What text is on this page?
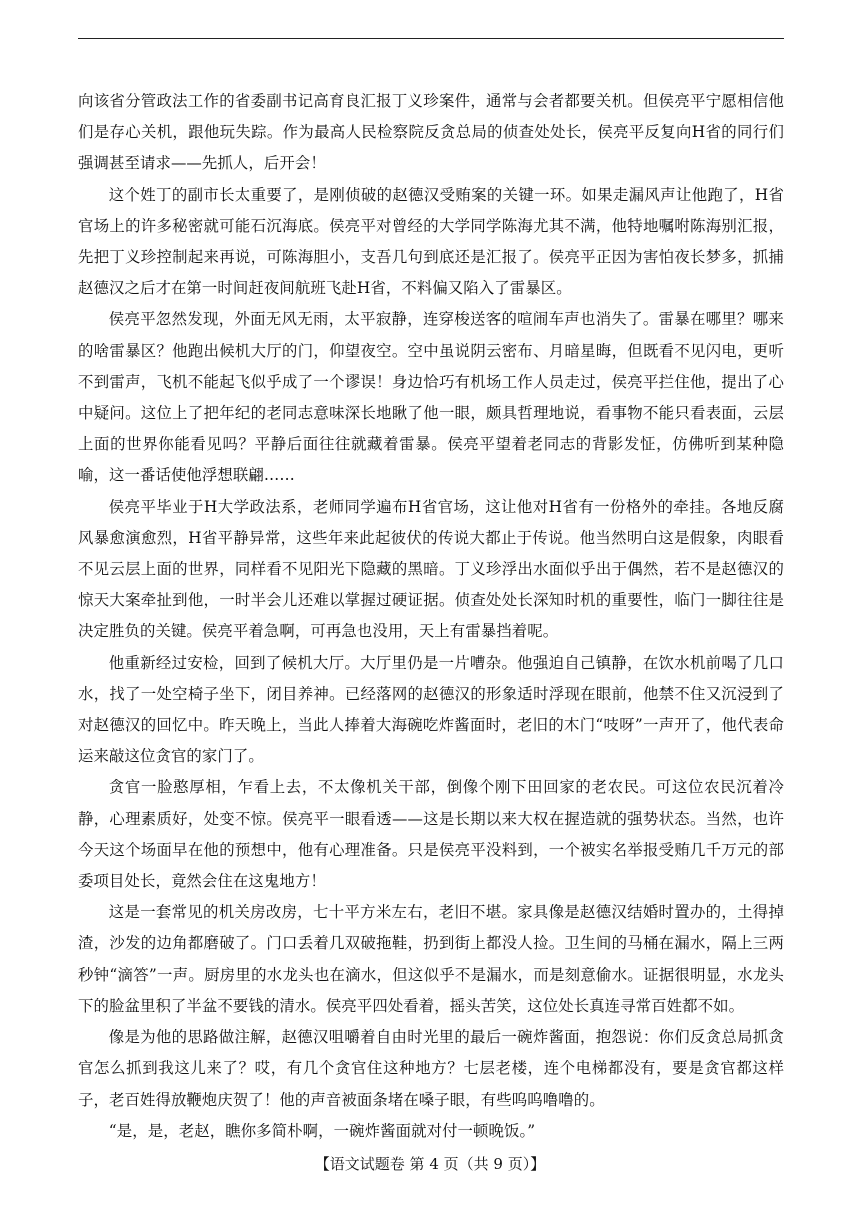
向该省分管政法工作的省委副书记高育良汇报丁义珍案件，通常与会者都要关机。但侯亮平宁愿相信他们是存心关机，跟他玩失踪。作为最高人民检察院反贪总局的侦查处处长，侯亮平反复向H省的同行们强调甚至请求——先抓人，后开会！

这个姓丁的副市长太重要了，是刚侦破的赵德汉受贿案的关键一环。如果走漏风声让他跑了，H省官场上的许多秘密就可能石沉海底。侯亮平对曾经的大学同学陈海尤其不满，他特地嘱咐陈海别汇报，先把丁义珍控制起来再说，可陈海胆小，支吾几句到底还是汇报了。侯亮平正因为害怕夜长梦多，抓捕赵德汉之后才在第一时间赶夜间航班飞赴H省，不料偏又陷入了雷暴区。

侯亮平忽然发现，外面无风无雨，太平寂静，连穿梭送客的喧闹车声也消失了。雷暴在哪里？哪来的啥雷暴区？他跑出候机大厅的门，仰望夜空。空中虽说阴云密布、月暗星晦，但既看不见闪电，更听不到雷声，飞机不能起飞似乎成了一个谬误！身边恰巧有机场工作人员走过，侯亮平拦住他，提出了心中疑问。这位上了把年纪的老同志意味深长地瞅了他一眼，颇具哲理地说，看事物不能只看表面，云层上面的世界你能看见吗？平静后面往往就藏着雷暴。侯亮平望着老同志的背影发怔，仿佛听到某种隐喻，这一番话使他浮想联翩……

侯亮平毕业于H大学政法系，老师同学遍布H省官场，这让他对H省有一份格外的牵挂。各地反腐风暴愈演愈烈，H省平静异常，这些年来此起彼伏的传说大都止于传说。他当然明白这是假象，肉眼看不见云层上面的世界，同样看不见阳光下隐藏的黑暗。丁义珍浮出水面似乎出于偶然，若不是赵德汉的惊天大案牵扯到他，一时半会儿还难以掌握过硬证据。侦查处处长深知时机的重要性，临门一脚往往是决定胜负的关键。侯亮平着急啊，可再急也没用，天上有雷暴挡着呢。

他重新经过安检，回到了候机大厅。大厅里仍是一片嘈杂。他强迫自己镇静，在饮水机前喝了几口水，找了一处空椅子坐下，闭目养神。已经落网的赵德汉的形象适时浮现在眼前，他禁不住又沉浸到了对赵德汉的回忆中。昨天晚上，当此人捧着大海碗吃炸酱面时，老旧的木门“吱呀”一声开了，他代表命运来敲这位贪官的家门了。

贪官一脸憨厚相，乍看上去，不太像机关干部，倒像个刚下田回家的老农民。可这位农民沉着冷静，心理素质好，处变不惊。侯亮平一眼看透——这是长期以来大权在握造就的强势状态。当然，也许今天这个场面早在他的预想中，他有心理准备。只是侯亮平没料到，一个被实名举报受贿几千万元的部委项目处长，竟然会住在这鬼地方！

这是一套常见的机关房改房，七十平方米左右，老旧不堪。家具像是赵德汉结婚时置办的，土得掉渣，沙发的边角都磨破了。门口丢着几双破拖鞋，扔到街上都没人捡。卫生间的马桶在漏水，隔上三两秒钟“滴答”一声。厨房里的水龙头也在滴水，但这似乎不是漏水，而是刻意偷水。证据很明显，水龙头下的脸盆里积了半盆不要钱的清水。侯亮平四处看着，摇头苦笑，这位处长真连寻常百姓都不如。

像是为他的思路做注解，赵德汉咀嚼着自由时光里的最后一碗炸酱面，抱怨说：你们反贪总局抓贪官怎么抓到我这儿来了？哎，有几个贪官住这种地方？七层老楼，连个电梯都没有，要是贪官都这样子，老百姓得放鞭炮庆贺了！他的声音被面条堵在嗓子眼，有些呜呜噜噜的。

“是，是，老赵，瞧你多简朴啊，一碗炸酱面就对付一顿晚饭。”

【语文试题卷 第 4 页（共 9 页）】
